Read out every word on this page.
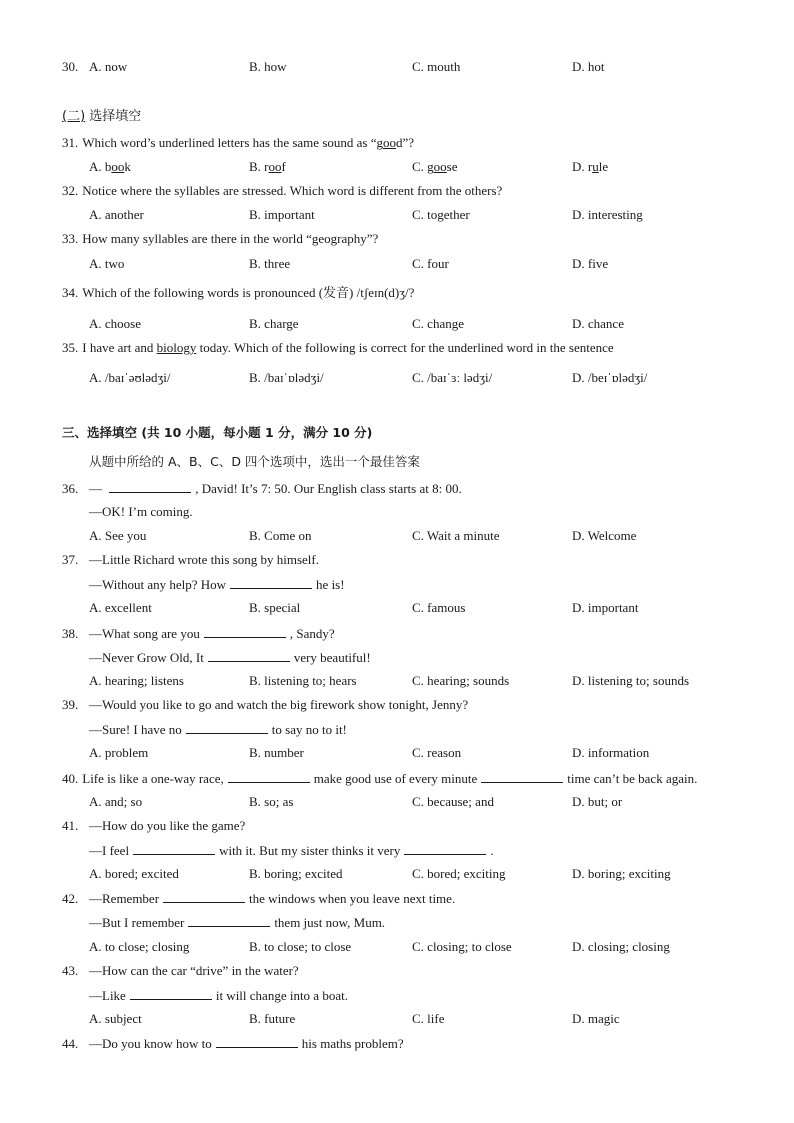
30. A. now	B. how	C. mouth	D. hot
(二) 选择填空
31. Which word’s underlined letters has the same sound as “good”?
A. book	B. roof	C. goose	D. rule
32. Notice where the syllables are stressed. Which word is different from the others?
A. another	B. important	C. together	D. interesting
33. How many syllables are there in the world “geography”?
A. two	B. three	C. four	D. five
34. Which of the following words is pronounced (发音) /tʃeɪn(d)ʒ/?
A. choose	B. charge	C. change	D. chance
35. I have art and biology today. Which of the following is correct for the underlined word in the sentence
A. /baɪˈəʊlədʒi/	B. /baɪˈɒlədʒi/	C. /baɪˈɜː lədʒi/	D. /beɪˈɒlədʒi/
三、选择填空 (共 10 小题，每小题 1 分，满分 10 分)
从题中所给的 A、B、C、D 四个选项中，选出一个最佳答案
36. —	, David! It’s 7: 50. Our English class starts at 8: 00.
—OK! I’m coming.
A. See you	B. Come on	C. Wait a minute	D. Welcome
37. —Little Richard wrote this song by himself.
—Without any help? How	he is!
A. excellent	B. special	C. famous	D. important
38. —What song are you	, Sandy?
—Never Grow Old, It	very beautiful!
A. hearing; listens	B. listening to; hears	C. hearing; sounds	D. listening to; sounds
39. —Would you like to go and watch the big firework show tonight, Jenny?
—Sure! I have no	to say no to it!
A. problem	B. number	C. reason	D. information
40. Life is like a one-way race,	make good use of every minute	time can’t be back again.
A. and; so	B. so; as	C. because; and	D. but; or
41. —How do you like the game?
—I feel	with it. But my sister thinks it very	.
A. bored; excited	B. boring; excited	C. bored; exciting	D. boring; exciting
42. —Remember	the windows when you leave next time.
—But I remember	them just now, Mum.
A. to close; closing	B. to close; to close	C. closing; to close	D. closing; closing
43. —How can the car “drive” in the water?
—Like	it will change into a boat.
A. subject	B. future	C. life	D. magic
44. —Do you know how to	his maths problem?
